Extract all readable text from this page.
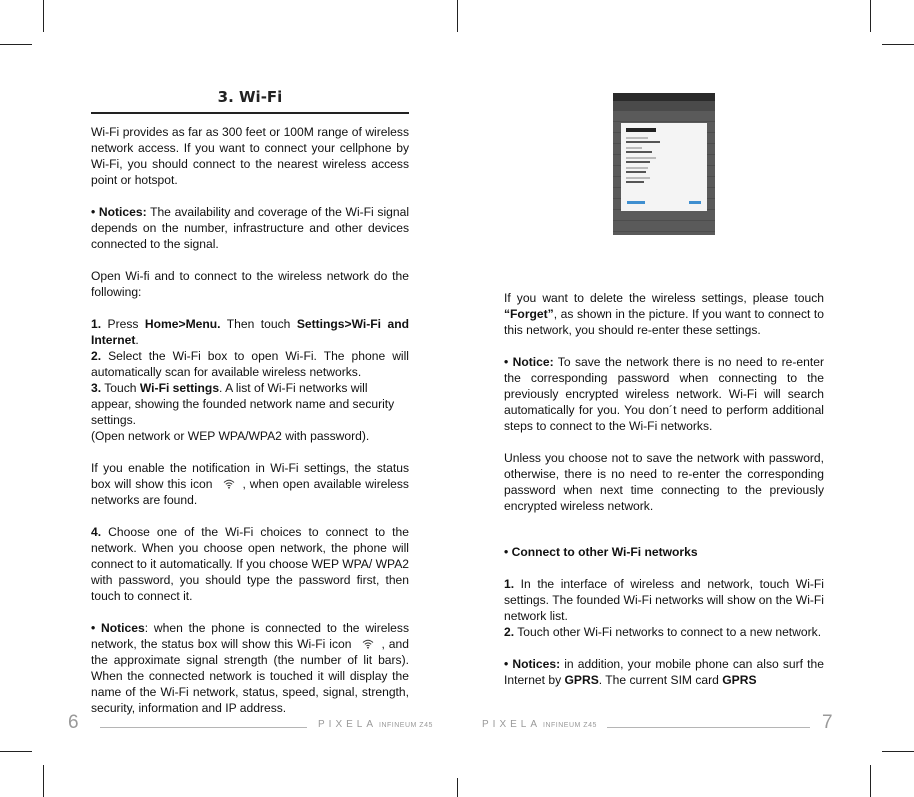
3. Wi-Fi

Wi-Fi provides as far as 300 feet or 100M range of wireless network access. If you want to connect your cellphone by Wi-Fi, you should connect to the nearest wireless access point or hotspot.

• Notices: The availability and coverage of the Wi-Fi signal depends on the number, infrastructure and other devices connected to the signal.

Open Wi-fi and to connect to the wireless network do the following:

1. Press Home>Menu. Then touch Settings>Wi-Fi and Internet.

2. Select the Wi-Fi box to open Wi-Fi. The phone will automatically scan for available wireless networks.

3. Touch Wi-Fi settings. A list of Wi-Fi networks will appear, showing the founded network name and security settings.
(Open network or WEP WPA/WPA2 with password).

If you enable the notification in Wi-Fi settings, the status box will show this icon , when open available wireless networks are found.

4. Choose one of the Wi-Fi choices to connect to the network. When you choose open network, the phone will connect to it automatically. If you choose WEP WPA/ WPA2 with password, you should type the password first, then touch to connect it.

• Notices: when the phone is connected to the wireless network, the status box will show this Wi-Fi icon , and the approximate signal strength (the number of lit bars). When the connected network is touched it will display the name of the Wi-Fi network, status, speed, signal, strength, security, information and IP address.

If you want to delete the wireless settings, please touch “Forget”, as shown in the picture. If you want to connect to this network, you should re-enter these settings.

• Notice: To save the network there is no need to re-enter the corresponding password when connecting to the previously encrypted wireless network. Wi-Fi will search automatically for you. You don´t need to perform additional steps to connect to the Wi-Fi networks.

Unless you choose not to save the network with password, otherwise, there is no need to re-enter the corresponding password when next time connecting to the previously encrypted wireless network.

• Connect to other Wi-Fi networks

1. In the interface of wireless and network, touch Wi-Fi settings. The founded Wi-Fi networks will show on the Wi-Fi network list.

2. Touch other Wi-Fi networks to connect to a new network.

• Notices: in addition, your mobile phone can also surf the Internet by GPRS. The current SIM card GPRS

6	PIXELA INFINEUM Z45	PIXELA INFINEUM Z45	7
